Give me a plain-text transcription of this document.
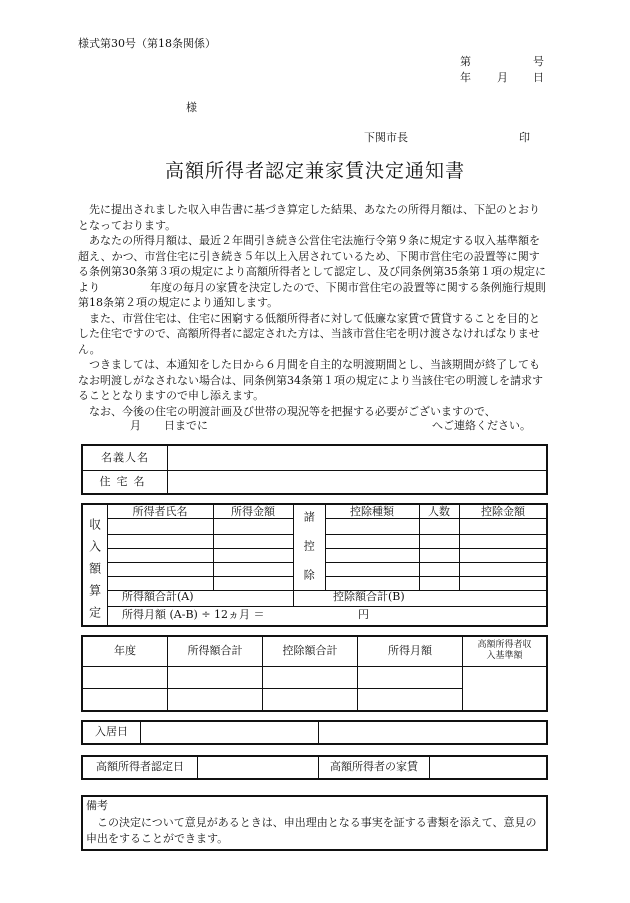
様式第30号（第18条関係）
第	号
年 月 日
様
下関市長	印
高額所得者認定兼家賃決定通知書

先に提出されました収入申告書に基づき算定した結果、あなたの所得月額は、下記のとおりとなっております。

あなたの所得月額は、最近２年間引き続き公営住宅法施行令第９条に規定する収入基準額を超え、かつ、市営住宅に引き続き５年以上入居されているため、下関市営住宅の設置等に関する条例第30条第３項の規定により高額所得者として認定し、及び同条例第35条第１項の規定により	年度の毎月の家賃を決定したので、下関市営住宅の設置等に関する条例施行規則第18条第２項の規定により通知します。

また、市営住宅は、住宅に困窮する低額所得者に対して低廉な家賃で賃貸することを目的とした住宅ですので、高額所得者に認定された方は、当該市営住宅を明け渡さなければなりません。

つきましては、本通知をした日から６月間を自主的な明渡期間とし、当該期間が終了してもなお明渡しがなされない場合は、同条例第34条第１項の規定により当該住宅の明渡しを請求することとなりますので申し添えます。

なお、今後の住宅の明渡計画及び世帯の現況等を把握する必要がございますので、

月 日までに	へご連絡ください。
名義人名	
住宅名	
収入額算定
所得者氏名	所得金額	控除種類	人数	控除金額
諸控除
所得額合計(A)	控除額合計(B)
所得月額 (A-B) ÷ 12ヵ月 ＝	円
年度	所得額合計	控除額合計	所得月額	高額所得者収入基準額

入居日		
高額所得者認定日		高額所得者の家賃	
備考
この決定について意見があるときは、申出理由となる事実を証する書類を添えて、意見の申出をすることができます。
